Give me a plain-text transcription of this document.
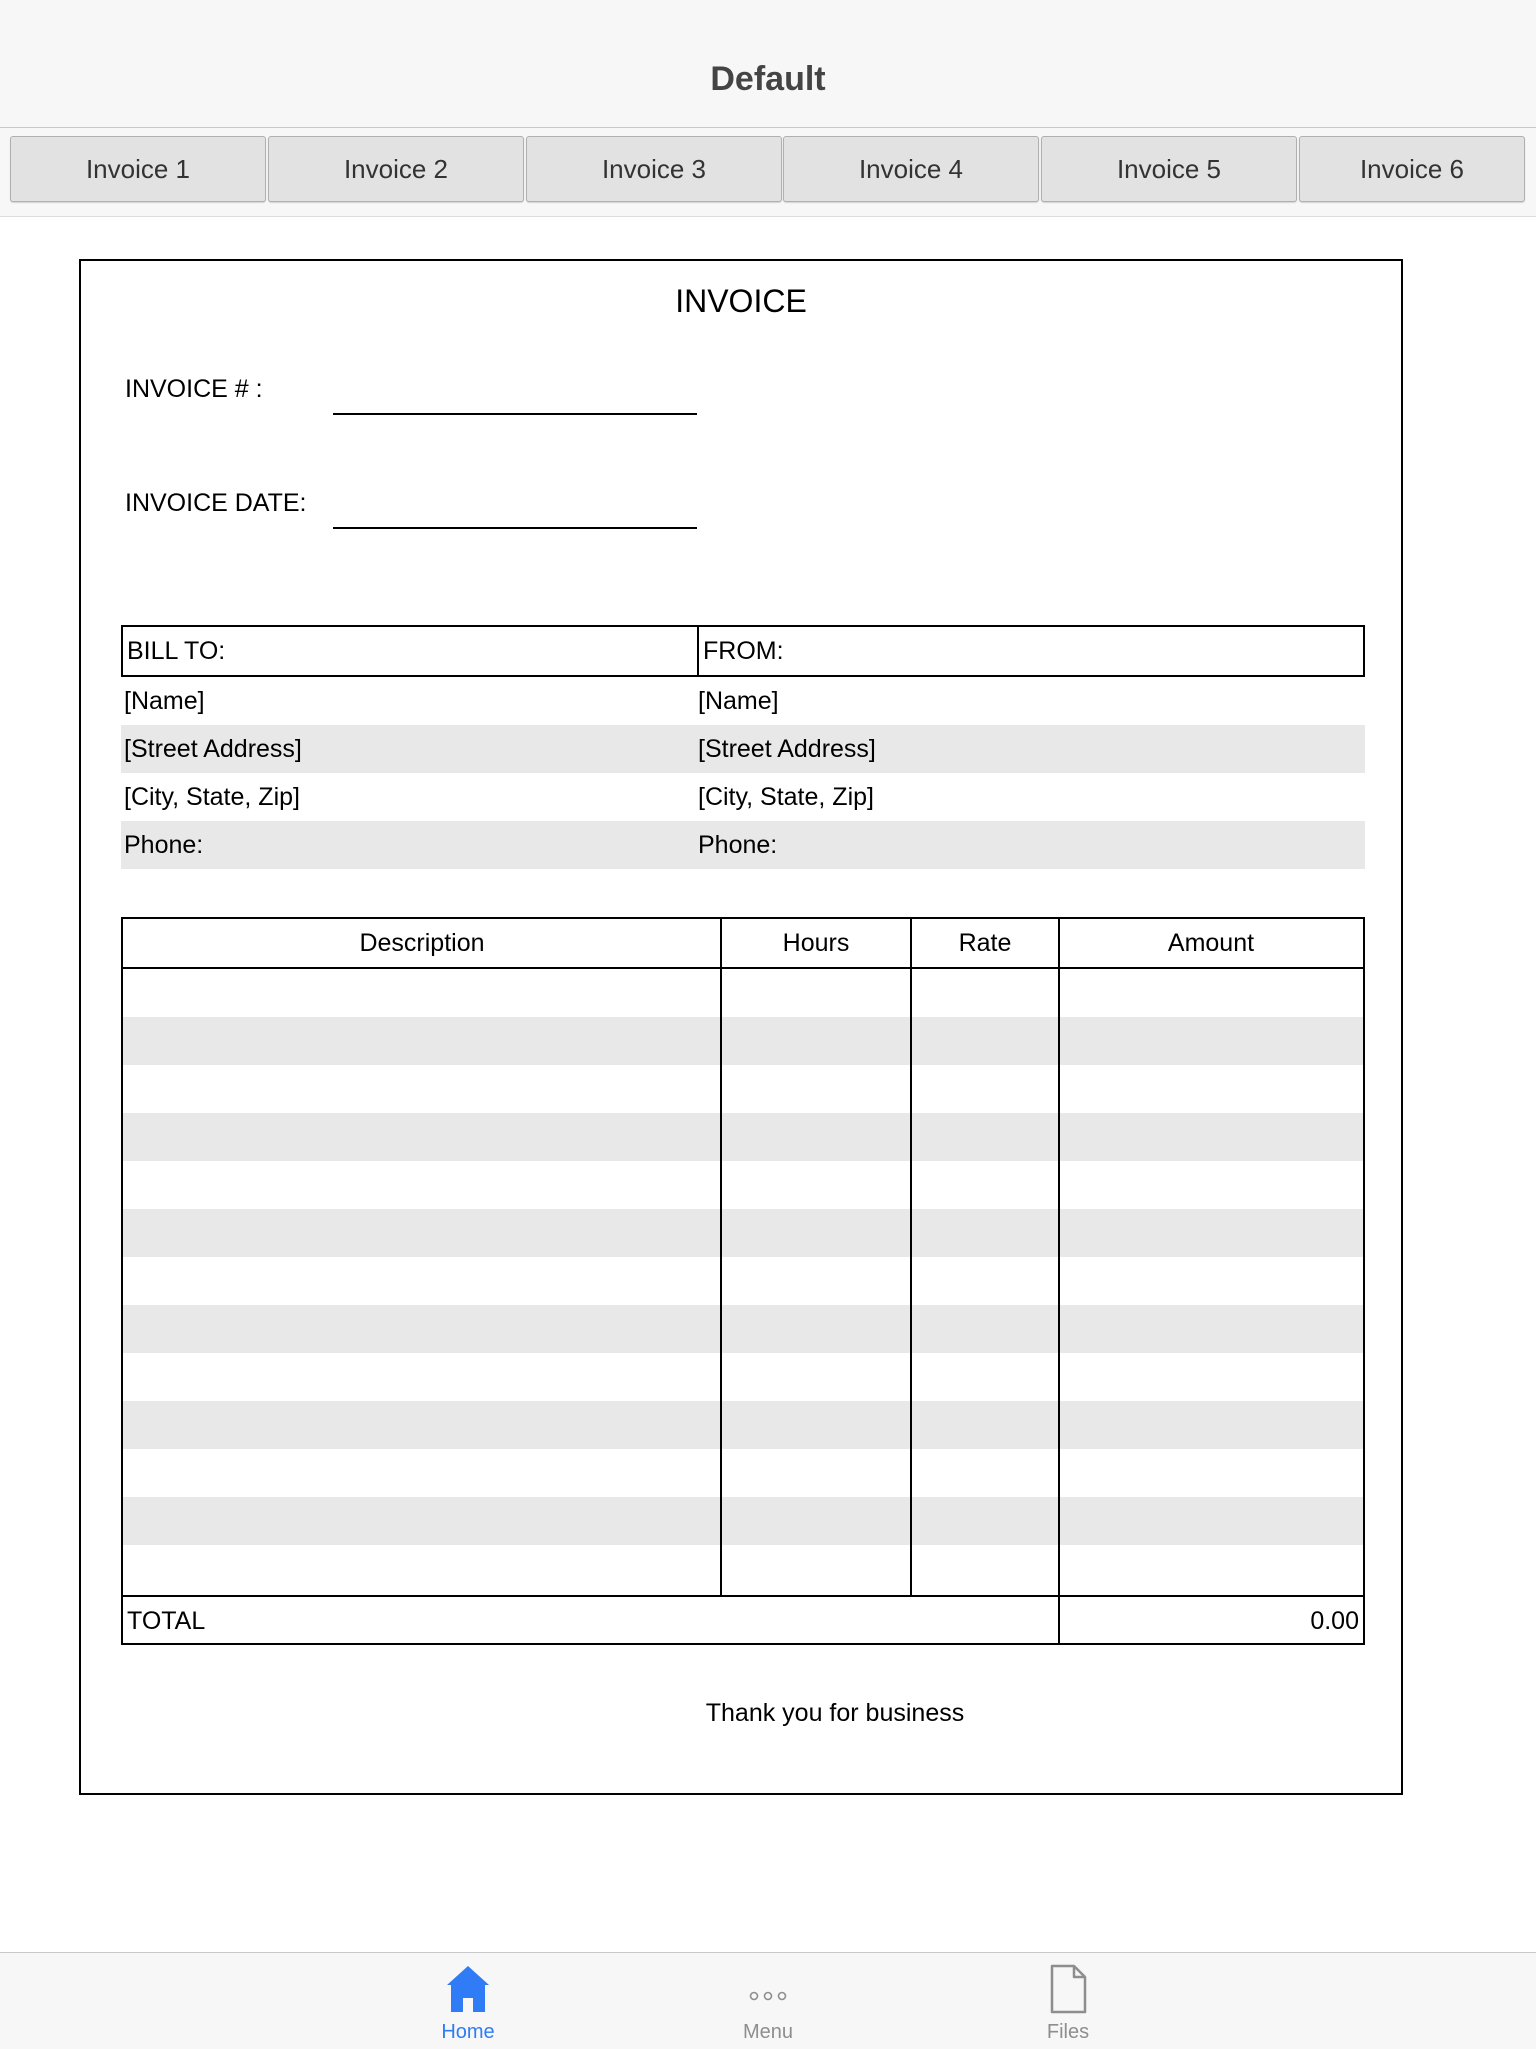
Default
Invoice 1	Invoice 2	Invoice 3	Invoice 4	Invoice 5	Invoice 6
INVOICE
INVOICE # :
INVOICE DATE:
BILL TO:	FROM:
[Name]	[Name]
[Street Address]	[Street Address]
[City, State, Zip]	[City, State, Zip]
Phone:	Phone:
Description	Hours	Rate	Amount
TOTAL	0.00
Thank you for business
Home	Menu	Files
